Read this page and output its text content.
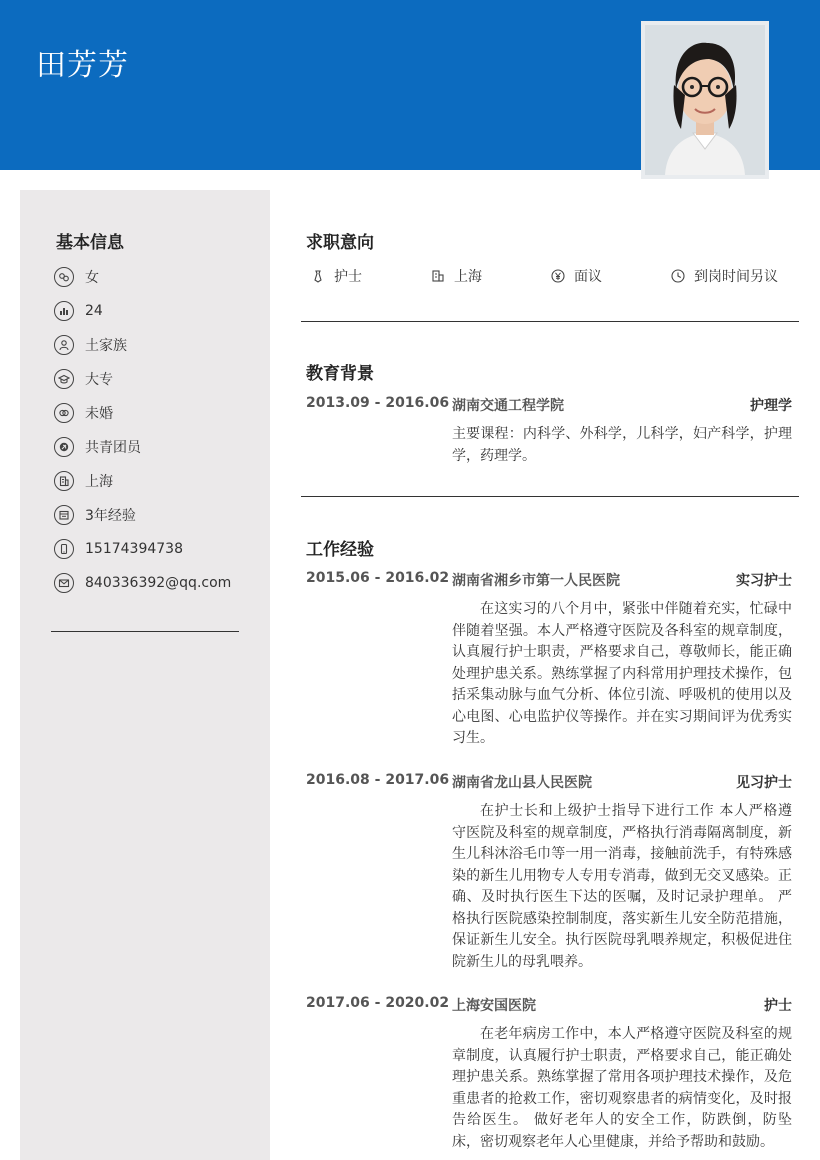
田芳芳
基本信息
女
24
土家族
大专
未婚
共青团员
上海
3年经验
15174394738
840336392@qq.com
求职意向
护士	上海	面议	到岗时间另议
教育背景
2013.09 - 2016.06 湖南交通工程学院	护理学
主要课程：内科学、外科学，儿科学，妇产科学，护理学，药理学。
工作经验
2015.06 - 2016.02 湖南省湘乡市第一人民医院	实习护士
在这实习的八个月中，紧张中伴随着充实，忙碌中伴随着坚强。本人严格遵守医院及各科室的规章制度，认真履行护士职责，严格要求自己，尊敬师长，能正确处理护患关系。熟练掌握了内科常用护理技术操作，包括采集动脉与血气分析、体位引流、呼吸机的使用以及心电图、心电监护仪等操作。并在实习期间评为优秀实习生。
2016.08 - 2017.06 湖南省龙山县人民医院	见习护士
在护士长和上级护士指导下进行工作 本人严格遵守医院及科室的规章制度，严格执行消毒隔离制度，新生儿科沐浴毛巾等一用一消毒，接触前洗手，有特殊感染的新生儿用物专人专用专消毒，做到无交叉感染。正确、及时执行医生下达的医嘱，及时记录护理单。 严格执行医院感染控制制度，落实新生儿安全防范措施，保证新生儿安全。执行医院母乳喂养规定，积极促进住院新生儿的母乳喂养。
2017.06 - 2020.02 上海安国医院	护士
在老年病房工作中，本人严格遵守医院及科室的规章制度，认真履行护士职责，严格要求自己，能正确处理护患关系。熟练掌握了常用各项护理技术操作，及危重患者的抢救工作，密切观察患者的病情变化，及时报告给医生。 做好老年人的安全工作，防跌倒，防坠床，密切观察老年人心里健康，并给予帮助和鼓励。
